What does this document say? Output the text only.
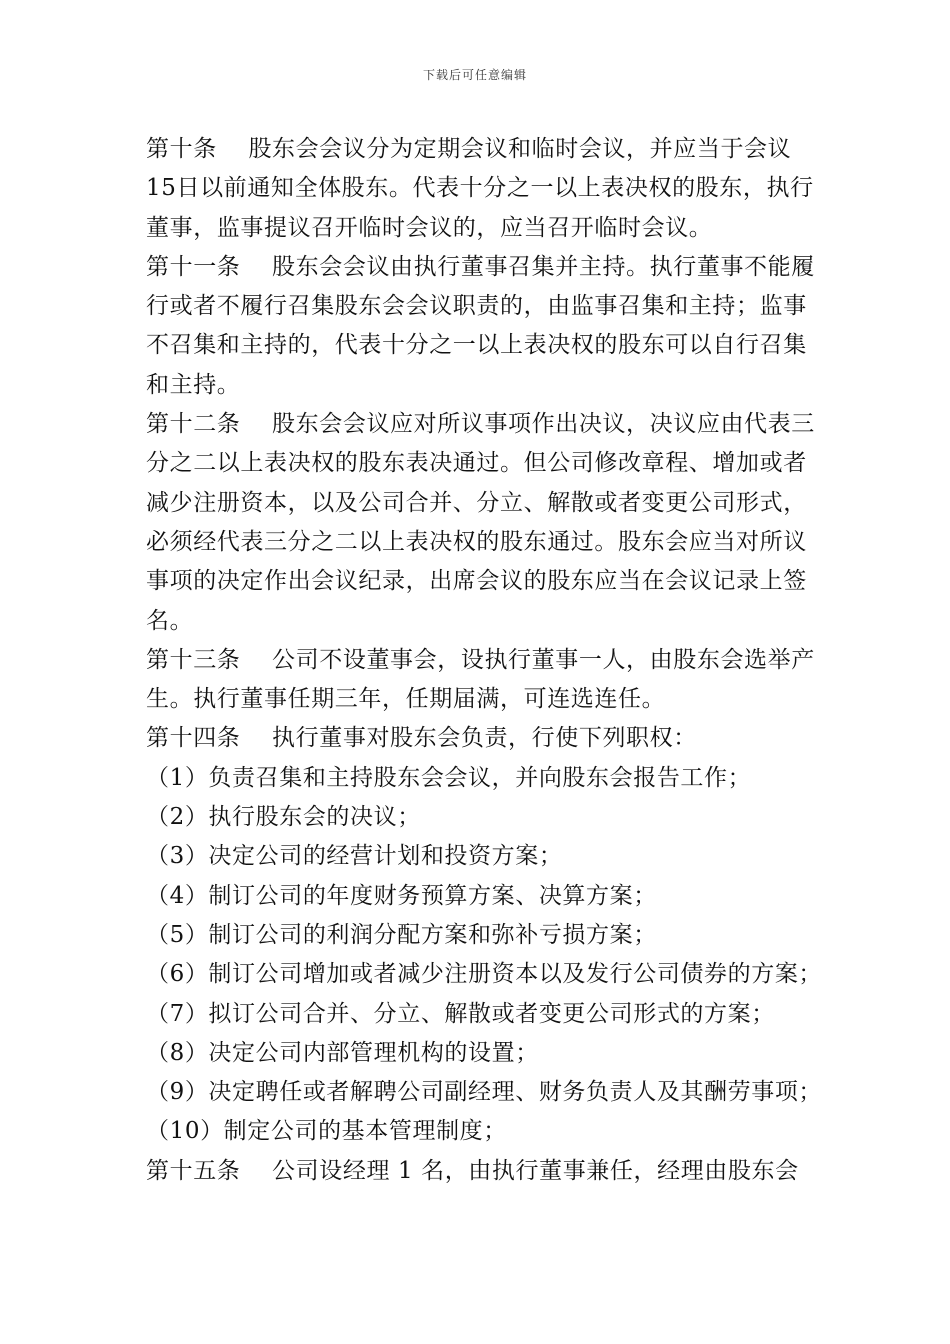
下载后可任意编辑

第十条    股东会会议分为定期会议和临时会议，并应当于会议15日以前通知全体股东。代表十分之一以上表决权的股东，执行董事，监事提议召开临时会议的，应当召开临时会议。

第十一条    股东会会议由执行董事召集并主持。执行董事不能履行或者不履行召集股东会会议职责的，由监事召集和主持；监事不召集和主持的，代表十分之一以上表决权的股东可以自行召集和主持。

第十二条    股东会会议应对所议事项作出决议，决议应由代表三分之二以上表决权的股东表决通过。但公司修改章程、增加或者减少注册资本，以及公司合并、分立、解散或者变更公司形式，必须经代表三分之二以上表决权的股东通过。股东会应当对所议事项的决定作出会议纪录，出席会议的股东应当在会议记录上签名。

第十三条    公司不设董事会，设执行董事一人，由股东会选举产生。执行董事任期三年，任期届满，可连选连任。

第十四条    执行董事对股东会负责，行使下列职权：

（1）负责召集和主持股东会会议，并向股东会报告工作；

（2）执行股东会的决议；

（3）决定公司的经营计划和投资方案；

（4）制订公司的年度财务预算方案、决算方案；

（5）制订公司的利润分配方案和弥补亏损方案；

（6）制订公司增加或者减少注册资本以及发行公司债券的方案；

（7）拟订公司合并、分立、解散或者变更公司形式的方案；

（8）决定公司内部管理机构的设置；

（9）决定聘任或者解聘公司副经理、财务负责人及其酬劳事项；

（10）制定公司的基本管理制度；

第十五条    公司设经理 1 名，由执行董事兼任，经理由股东会
